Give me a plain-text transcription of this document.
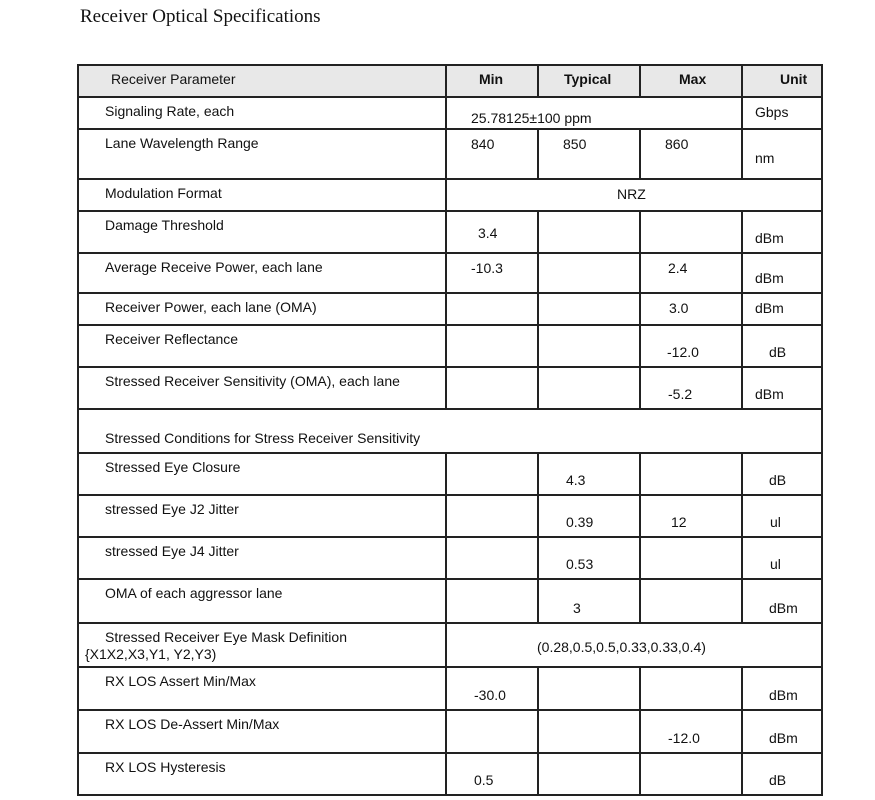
Receiver Optical Specifications
Receiver Parameter	Min	Typical	Max	Unit

Signaling Rate, each	25.78125±100 ppm			Gbps

Lane Wavelength Range	840	850	860	nm

Modulation Format	NRZ			

Damage Threshold	3.4			dBm

Average Receive Power, each lane	-10.3		2.4	dBm

Receiver Power, each lane (OMA)			3.0	dBm

Receiver Reflectance			-12.0	dB

Stressed Receiver Sensitivity (OMA), each lane			-5.2	dBm

Stressed Conditions for Stress Receiver Sensitivity				

Stressed Eye Closure		4.3		dB

stressed Eye J2 Jitter		0.39	12	ul

stressed Eye J4 Jitter		0.53		ul

OMA of each aggressor lane		3		dBm

Stressed Receiver Eye Mask Definition
{X1X2,X3,Y1, Y2,Y3)	(0.28,0.5,0.5,0.33,0.33,0.4)			

RX LOS Assert Min/Max	-30.0			dBm

RX LOS De-Assert Min/Max			-12.0	dBm

RX LOS Hysteresis	0.5			dB
